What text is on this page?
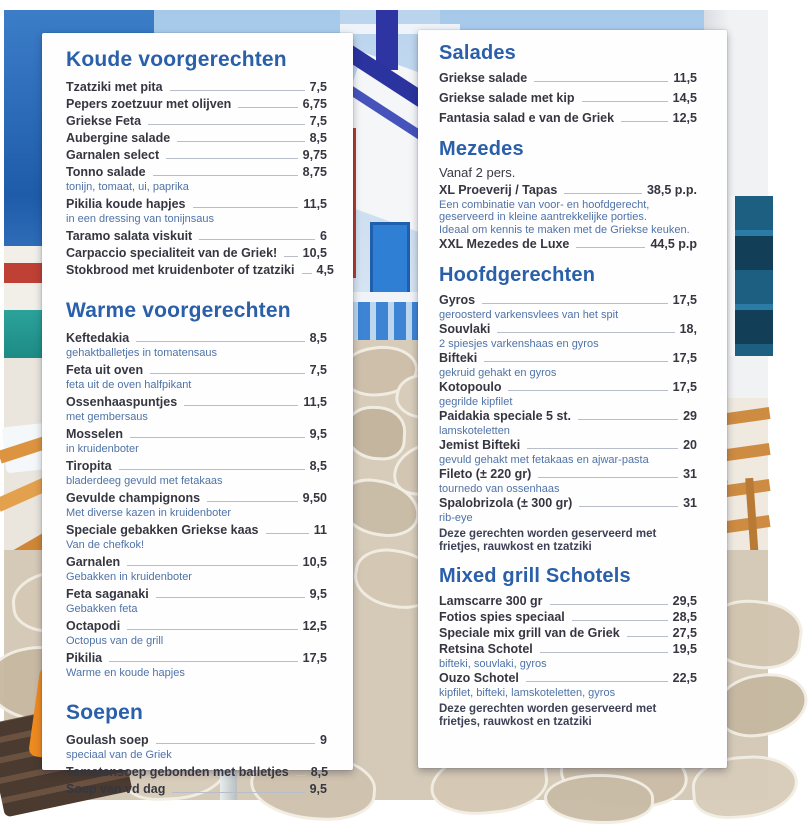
Koude voorgerechten
Tzatziki met pita	7,5
Pepers zoetzuur met olijven	6,75
Griekse Feta	7,5
Aubergine salade	8,5
Garnalen select	9,75
Tonno salade	8,75
tonijn, tomaat, ui, paprika
Pikilia koude hapjes	11,5
in een dressing van tonijnsaus
Taramo salata viskuit	6
Carpaccio specialiteit van de Griek! 10,5
Stokbrood met kruidenboter of tzatziki 4,5
Warme voorgerechten
Keftedakia	8,5
gehaktballetjes in tomatensaus
Feta uit oven	7,5
feta uit de oven halfpikant
Ossenhaaspuntjes	11,5
met gembersaus
Mosselen	9,5
in kruidenboter
Tiropita	8,5
bladerdeeg gevuld met fetakaas
Gevulde champignons	9,50
Met diverse kazen in kruidenboter
Speciale gebakken Griekse kaas	11
Van de chefkok!
Garnalen	10,5
Gebakken in kruidenboter
Feta saganaki	9,5
Gebakken feta
Octapodi	12,5
Octopus van de grill
Pikilia	17,5
Warme en koude hapjes
Soepen
Goulash soep	9
speciaal van de Griek
Tomatensoep gebonden met balletjes 8,5
Soep van vd dag	9,5
Salades
Griekse salade	11,5
Griekse salade met kip	14,5
Fantasia salad e van de Griek	12,5
Mezedes
Vanaf 2 pers.
XL Proeverij / Tapas	38,5 p.p.
Een combinatie van voor- en hoofdgerecht, geserveerd in kleine aantrekkelijke porties.
Ideaal om kennis te maken met de Griekse keuken.
XXL Mezedes de Luxe	44,5 p.p
Hoofdgerechten
Gyros	17,5
geroosterd varkensvlees van het spit
Souvlaki	18,
2 spiesjes varkenshaas en gyros
Bifteki	17,5
gekruid gehakt en gyros
Kotopoulo	17,5
gegrilde kipfilet
Paidakia speciale 5 st.	29
lamskoteletten
Jemist Bifteki	20
gevuld gehakt met fetakaas en ajwar-pasta
Fileto (± 220 gr)	31
tournedo van ossenhaas
Spalobrizola (± 300 gr)	31
rib-eye
Deze gerechten worden geserveerd met frietjes, rauwkost en tzatziki
Mixed grill Schotels
Lamscarre 300 gr	29,5
Fotios spies speciaal	28,5
Speciale mix grill van de Griek	27,5
Retsina Schotel	19,5
bifteki, souvlaki, gyros
Ouzo Schotel	22,5
kipfilet, bifteki, lamskoteletten, gyros
Deze gerechten worden geserveerd met frietjes, rauwkost en tzatziki
